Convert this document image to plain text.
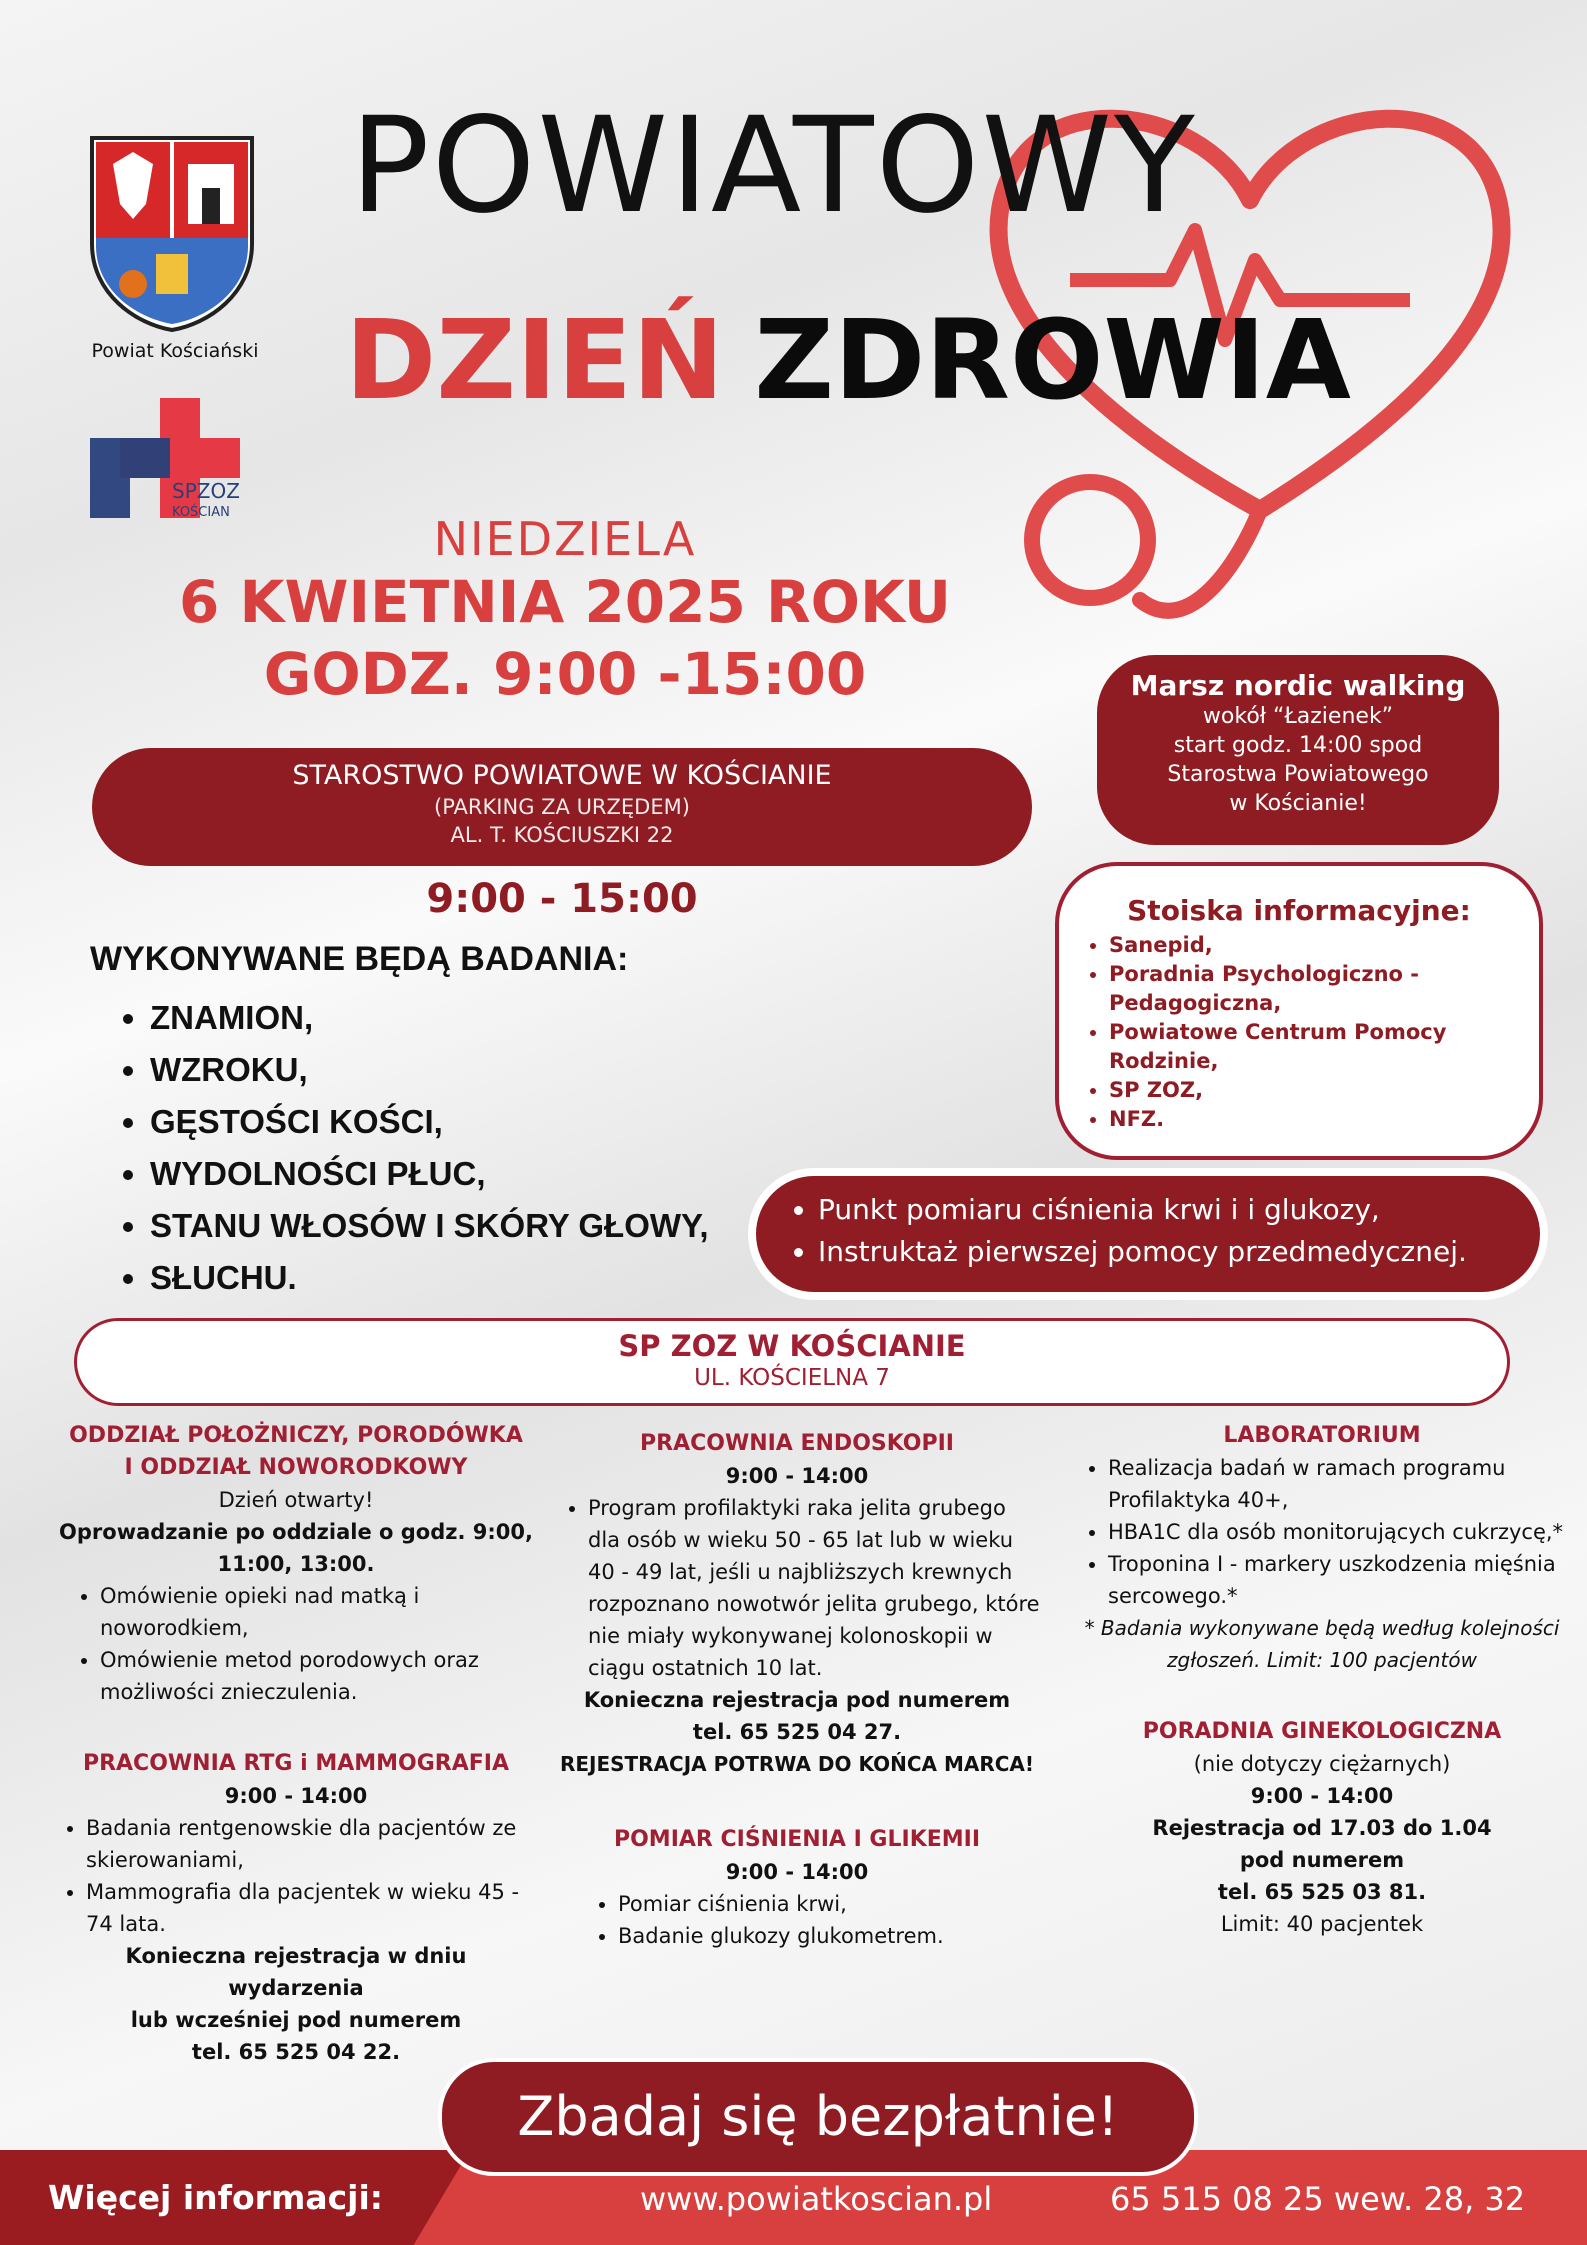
Powiat Kościański
SPZOZ
KOŚCIAN
POWIATOWY
DZIEŃ ZDROWIA
NIEDZIELA
6 KWIETNIA 2025 ROKU
GODZ. 9:00 -15:00
STAROSTWO POWIATOWE W KOŚCIANIE
(PARKING ZA URZĘDEM)
AL. T. KOŚCIUSZKI 22
9:00 - 15:00
WYKONYWANE BĘDĄ BADANIA:
• ZNAMION,
• WZROKU,
• GĘSTOŚCI KOŚCI,
• WYDOLNOŚCI PŁUC,
• STANU WŁOSÓW I SKÓRY GŁOWY,
• SŁUCHU.
Marsz nordic walking
wokół “Łazienek”
start godz. 14:00 spod
Starostwa Powiatowego
w Kościanie!
Stoiska informacyjne:
• Sanepid,
• Poradnia Psychologiczno - Pedagogiczna,
• Powiatowe Centrum Pomocy Rodzinie,
• SP ZOZ,
• NFZ.
• Punkt pomiaru ciśnienia krwi i i glukozy,
• Instruktaż pierwszej pomocy przedmedycznej.
SP ZOZ W KOŚCIANIE
UL. KOŚCIELNA 7
ODDZIAŁ POŁOŻNICZY, PORODÓWKA
I ODDZIAŁ NOWORODKOWY
Dzień otwarty!
Oprowadzanie po oddziale o godz. 9:00, 11:00, 13:00.
• Omówienie opieki nad matką i noworodkiem,
• Omówienie metod porodowych oraz możliwości znieczulenia.
PRACOWNIA RTG i MAMMOGRAFIA
9:00 - 14:00
• Badania rentgenowskie dla pacjentów ze skierowaniami,
• Mammografia dla pacjentek w wieku 45 - 74 lata.
Konieczna rejestracja w dniu wydarzenia
lub wcześniej pod numerem
tel. 65 525 04 22.
PRACOWNIA ENDOSKOPII
9:00 - 14:00
• Program profilaktyki raka jelita grubego dla osób w wieku 50 - 65 lat lub w wieku 40 - 49 lat, jeśli u najbliższych krewnych rozpoznano nowotwór jelita grubego, które nie miały wykonywanej kolonoskopii w ciągu ostatnich 10 lat.
Konieczna rejestracja pod numerem
tel. 65 525 04 27.
REJESTRACJA POTRWA DO KOŃCA MARCA!
POMIAR CIŚNIENIA I GLIKEMII
9:00 - 14:00
• Pomiar ciśnienia krwi,
• Badanie glukozy glukometrem.
LABORATORIUM
• Realizacja badań w ramach programu Profilaktyka 40+,
• HBA1C dla osób monitorujących cukrzycę,*
• Troponina I - markery uszkodzenia mięśnia sercowego.*
* Badania wykonywane będą według kolejności zgłoszeń. Limit: 100 pacjentów
PORADNIA GINEKOLOGICZNA
(nie dotyczy ciężarnych)
9:00 - 14:00
Rejestracja od 17.03 do 1.04
pod numerem
tel. 65 525 03 81.
Limit: 40 pacjentek
Zbadaj się bezpłatnie!
Więcej informacji:	www.powiatkoscian.pl	65 515 08 25 wew. 28, 32
